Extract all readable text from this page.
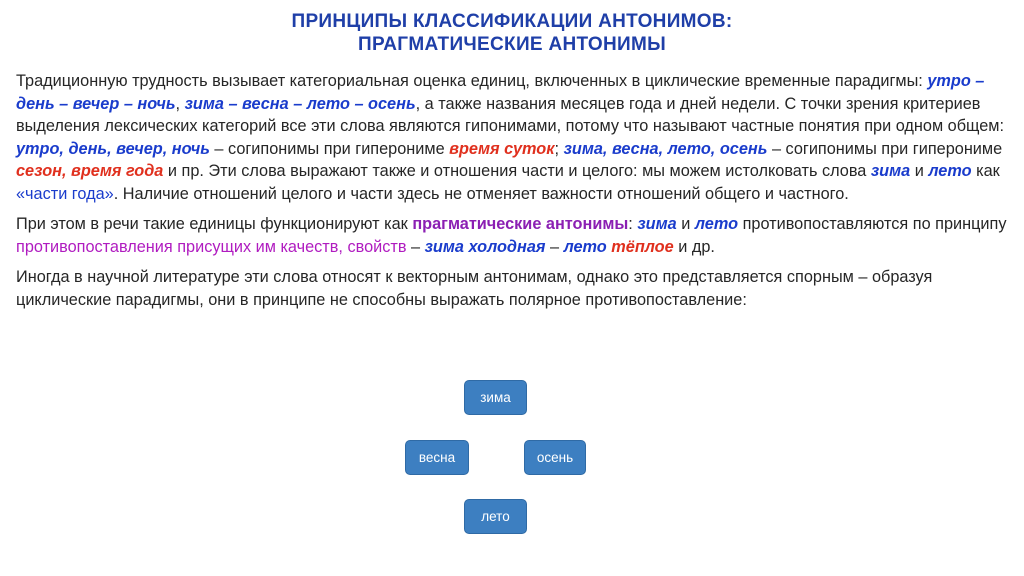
ПРИНЦИПЫ КЛАССИФИКАЦИИ АНТОНИМОВ:
ПРАГМАТИЧЕСКИЕ АНТОНИМЫ

Традиционную трудность вызывает категориальная оценка единиц, включенных в циклические временные парадигмы: утро – день – вечер – ночь, зима – весна – лето – осень, а также названия месяцев года и дней недели. С точки зрения критериев выделения лексических категорий все эти слова являются гипонимами, потому что называют частные понятия при одном общем: утро, день, вечер, ночь – согипонимы при гиперониме время суток; зима, весна, лето, осень – согипонимы при гиперониме сезон, время года и пр. Эти слова выражают также и отношения части и целого: мы можем истолковать слова зима и лето как «части года». Наличие отношений целого и части здесь не отменяет важности отношений общего и частного.

При этом в речи такие единицы функционируют как прагматические антонимы: зима и лето противопоставляются по принципу противопоставления присущих им качеств, свойств – зима холодная – лето тёплое и др.

Иногда в научной литературе эти слова относят к векторным антонимам, однако это представляется спорным – образуя циклические парадигмы, они в принципе не способны выражать полярное противопоставление:

зима
весна	осень
лето
